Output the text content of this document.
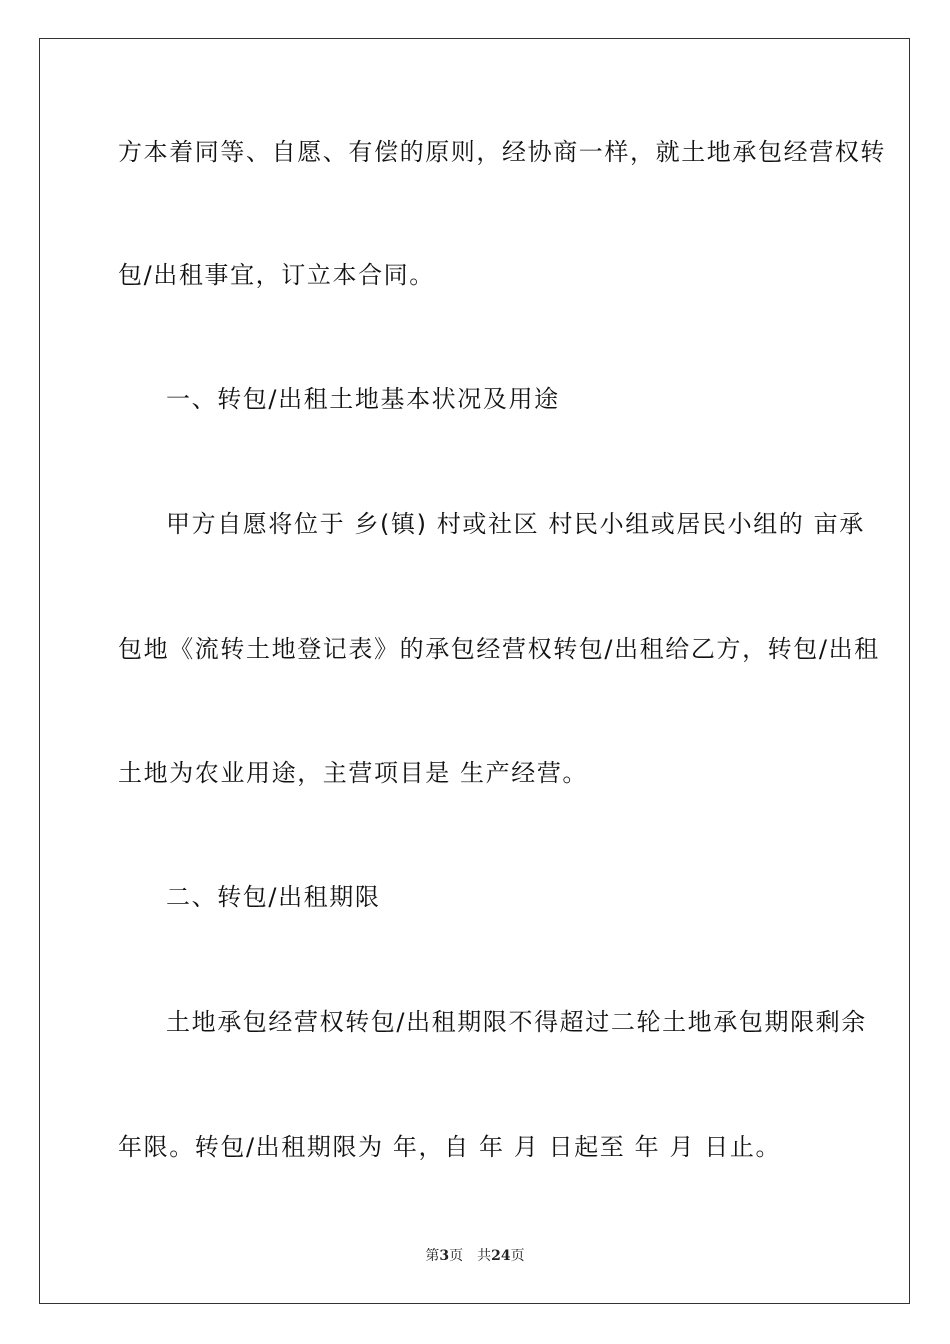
方本着同等、自愿、有偿的原则，经协商一样，就土地承包经营权转
包/出租事宜，订立本合同。
一、转包/出租土地基本状况及用途
甲方自愿将位于 乡(镇) 村或社区 村民小组或居民小组的 亩承
包地《流转土地登记表》的承包经营权转包/出租给乙方，转包/出租
土地为农业用途，主营项目是 生产经营。
二、转包/出租期限
土地承包经营权转包/出租期限不得超过二轮土地承包期限剩余
年限。转包/出租期限为 年，自 年 月 日起至 年 月 日止。
第3页 共24页
